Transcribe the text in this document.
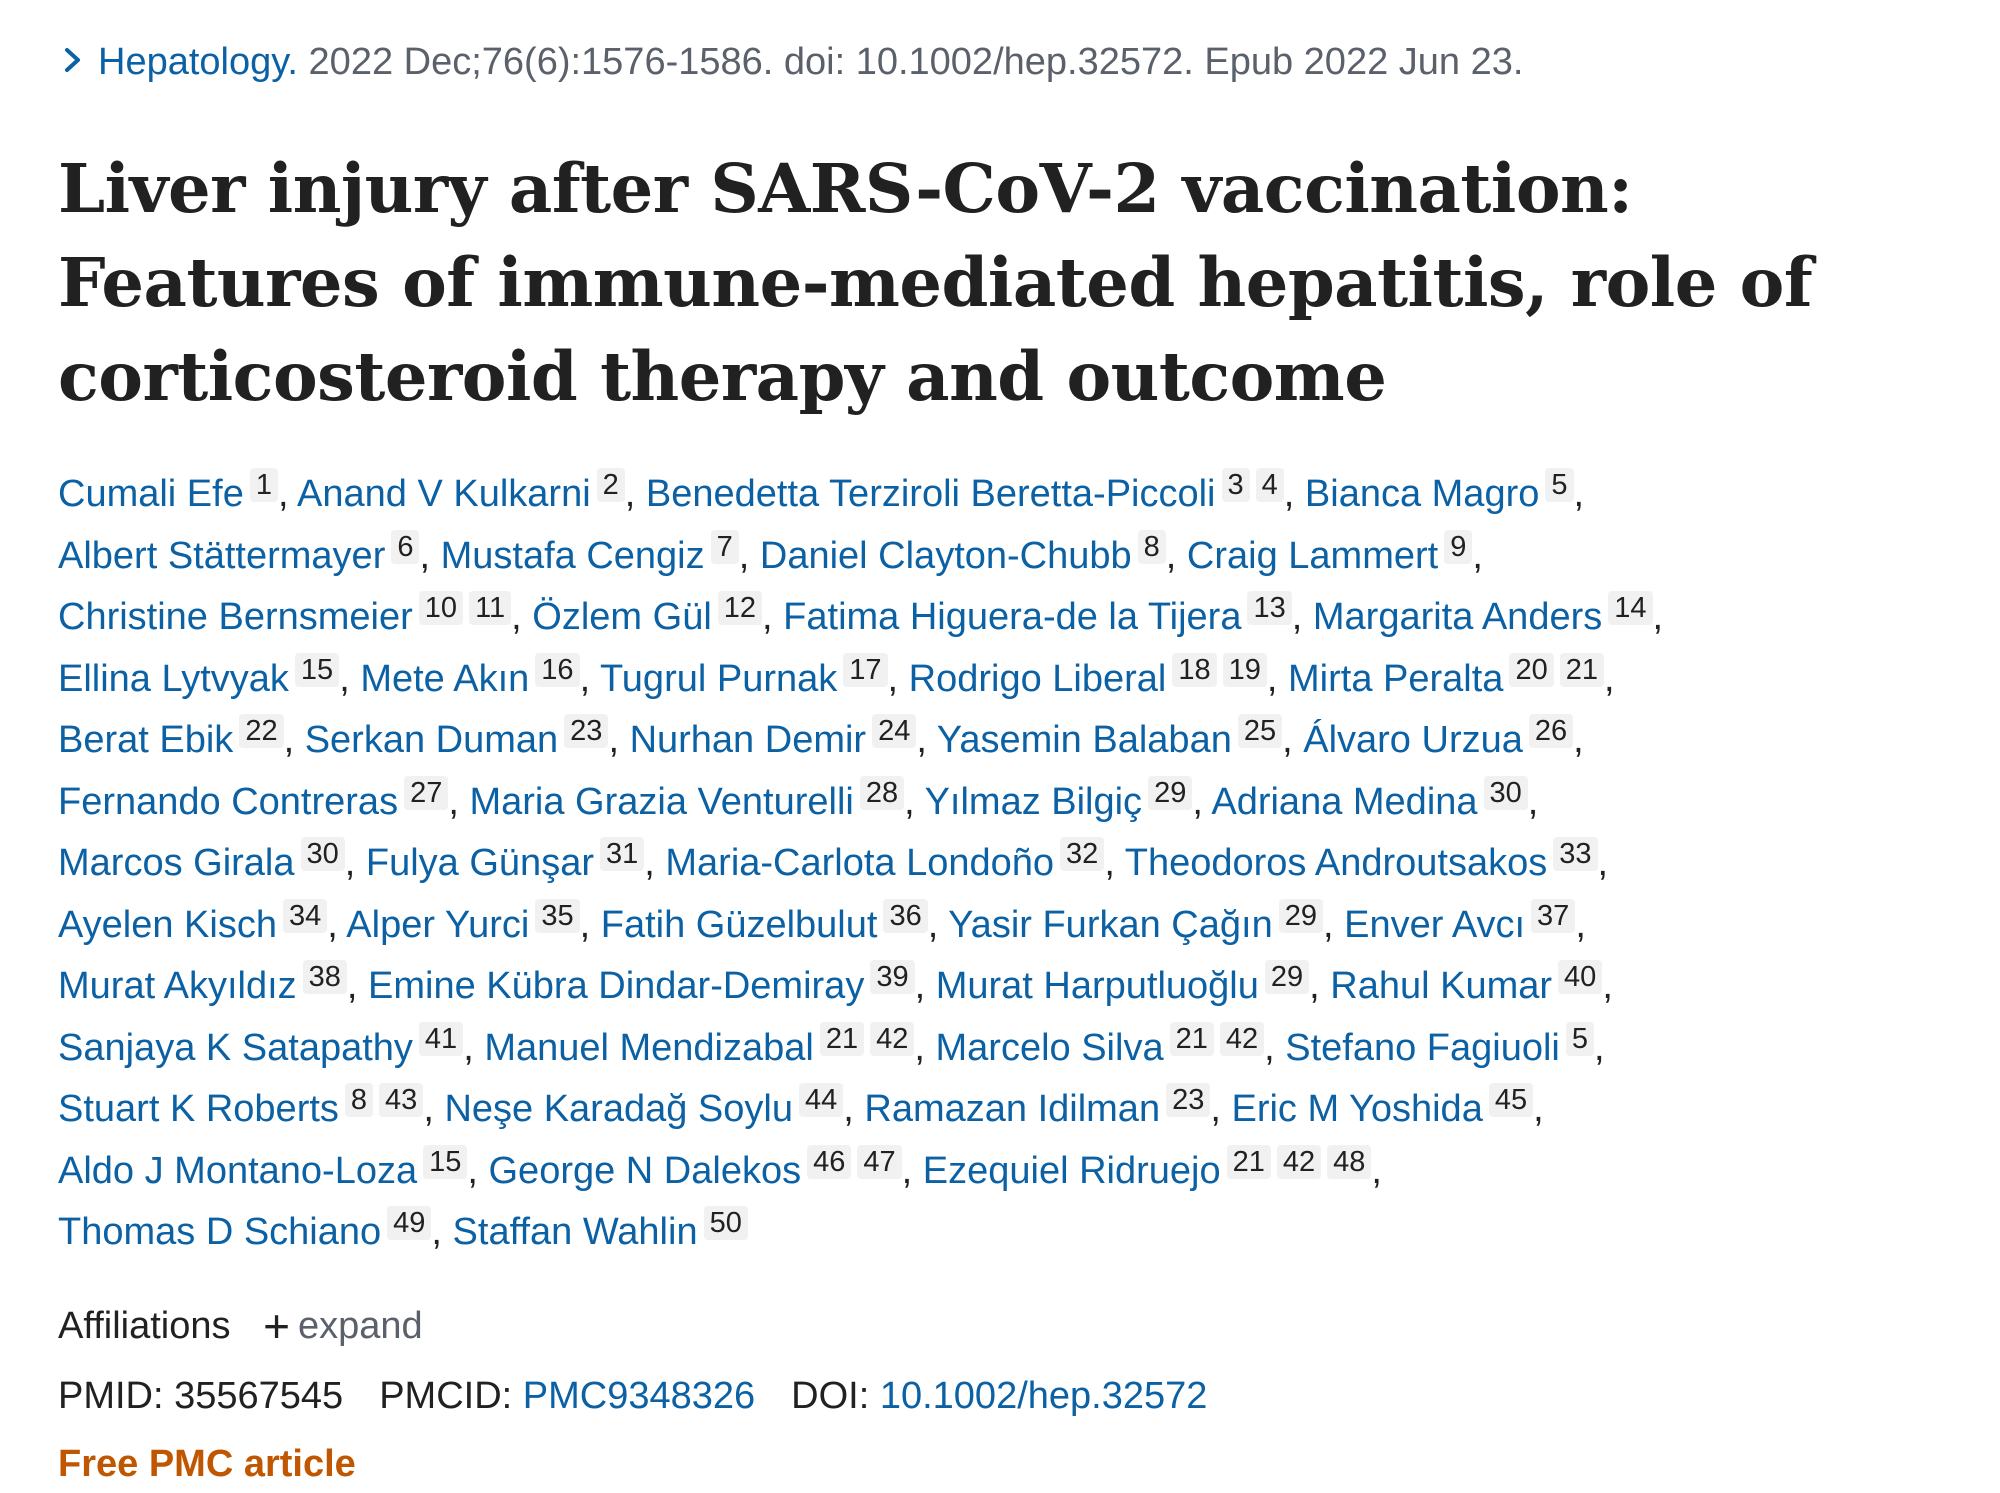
Hepatology. 2022 Dec;76(6):1576-1586. doi: 10.1002/hep.32572. Epub 2022 Jun 23.
Liver injury after SARS-CoV-2 vaccination: Features of immune-mediated hepatitis, role of corticosteroid therapy and outcome
Cumali Efe 1 , Anand V Kulkarni 2 , Benedetta Terziroli Beretta-Piccoli 3 4 , Bianca Magro 5 ,
Albert Stättermayer 6 , Mustafa Cengiz 7 , Daniel Clayton-Chubb 8 , Craig Lammert 9 ,
Christine Bernsmeier 10 11 , Özlem Gül 12 , Fatima Higuera-de la Tijera 13 , Margarita Anders 14 ,
Ellina Lytvyak 15 , Mete Akın 16 , Tugrul Purnak 17 , Rodrigo Liberal 18 19 , Mirta Peralta 20 21 ,
Berat Ebik 22 , Serkan Duman 23 , Nurhan Demir 24 , Yasemin Balaban 25 , Álvaro Urzua 26 ,
Fernando Contreras 27 , Maria Grazia Venturelli 28 , Yılmaz Bilgiç 29 , Adriana Medina 30 ,
Marcos Girala 30 , Fulya Günşar 31 , Maria-Carlota Londoño 32 , Theodoros Androutsakos 33 ,
Ayelen Kisch 34 , Alper Yurci 35 , Fatih Güzelbulut 36 , Yasir Furkan Çağın 29 , Enver Avcı 37 ,
Murat Akyıldız 38 , Emine Kübra Dindar-Demiray 39 , Murat Harputluoğlu 29 , Rahul Kumar 40 ,
Sanjaya K Satapathy 41 , Manuel Mendizabal 21 42 , Marcelo Silva 21 42 , Stefano Fagiuoli 5 ,
Stuart K Roberts 8 43 , Neşe Karadağ Soylu 44 , Ramazan Idilman 23 , Eric M Yoshida 45 ,
Aldo J Montano-Loza 15 , George N Dalekos 46 47 , Ezequiel Ridruejo 21 42 48 ,
Thomas D Schiano 49 , Staffan Wahlin 50
Affiliations + expand
PMID: 35567545 PMCID: PMC9348326 DOI: 10.1002/hep.32572
Free PMC article
